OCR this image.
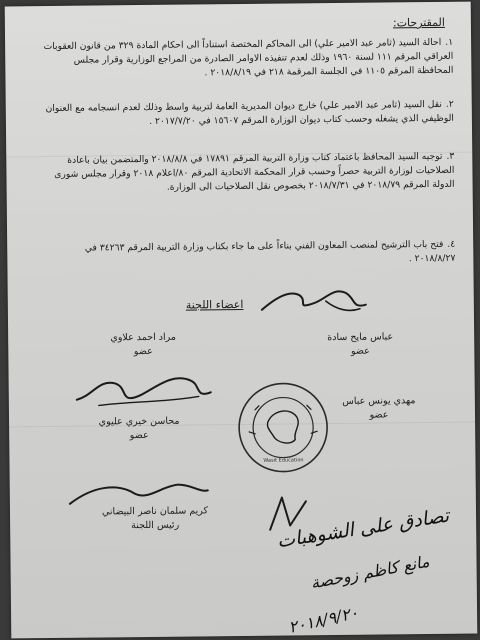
المقترحات:
١.احالة السيد (ثامر عبد الامير علي) الى المحاكم المختصة استناداً الى احكام المادة ٣٢٩ من قانون العقوبات العراقي المرقم ١١١ لسنة ١٩٦٠ وذلك لعدم تنفيذه الاوامر الصادرة من المراجع الوزارية وقرار مجلس المحافظة المرقم ١١٠٥ في الجلسة المرقمة ٢١٨ في ٢٠١٨/٨/١٩ .
٢.نقل السيد (ثامر عبد الامير علي) خارج ديوان المديرية العامة لتربية واسط وذلك لعدم انسجامه مع العنوان الوظيفي الذي يشغله وحسب كتاب ديوان الوزارة المرقم ١٥٦٠٧ في ٢٠١٧/٧/٢٠ .
٣.توجيه السيد المحافظ باعتماد كتاب وزارة التربية المرقم ١٧٨٩١ في ٢٠١٨/٨/٨ والمتضمن بيان باعادة الصلاحيات لوزارة التربية حصراً وحسب قرار المحكمة الاتحادية المرقم ٨٠/اعلام ٢٠١٨ وقرار مجلس شورى الدولة المرقم ٢٠١٨/٧٩ في ٢٠١٨/٧/٣١ بخصوص نقل الصلاحيات الى الوزارة.
٤.فتح باب الترشيح لمنصب المعاون الفني بناءاً على ما جاء بكتاب وزارة التربية المرقم ٣٤٢٦٣ في ٢٠١٨/٨/٢٧ .
اعضاء اللجنة
عباس مايح سادة
عضو
مراد احمد علاوي
عضو
مهدي يونس عباس
عضو
محاسن خيري عليوي
عضو
Wasit Education
كريم سلمان ناصر البيضاني
رئيس اللجنة	تصادق على الشوهبات
مانع كاظم زوحصة
٢٠١٨/٩/٢٠
